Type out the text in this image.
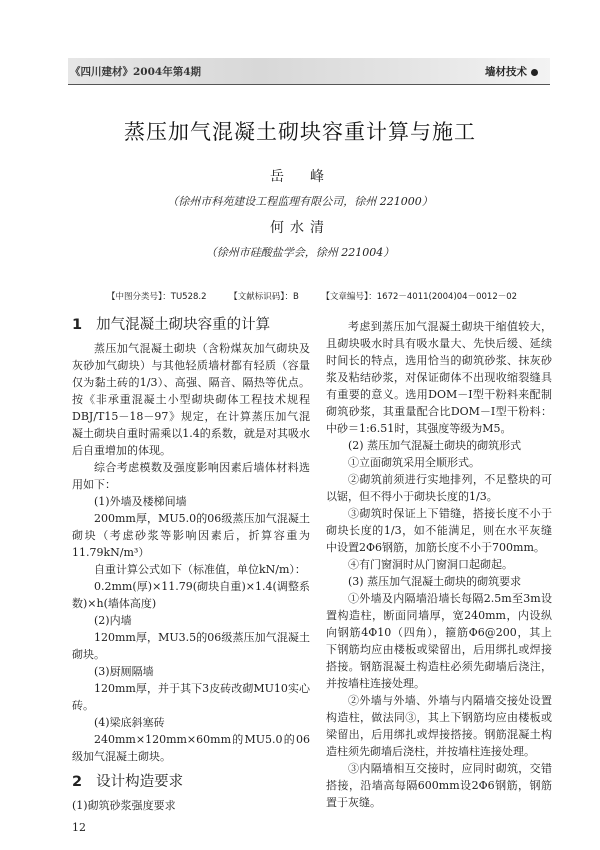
《四川建材》2004年第4期	墙材技术
蒸压加气混凝土砌块容重计算与施工
岳　峰
（徐州市科苑建设工程监理有限公司，徐州 221000）
何水清
（徐州市硅酸盐学会，徐州 221004）
【中图分类号】：TU528.2	【文献标识码】：B	【文章编号】：1672－4011(2004)04－0012－02
1 加气混凝土砌块容重的计算

蒸压加气混凝土砌块（含粉煤灰加气砌块及灰砂加气砌块）与其他轻质墙材都有轻质（容量仅为黏土砖的1/3）、高强、隔音、隔热等优点。按《非承重混凝土小型砌块砌体工程技术规程 DBJ/T15－18－97》规定，在计算蒸压加气混凝土砌块自重时需乘以1.4的系数，就是对其吸水后自重增加的体现。

综合考虑模数及强度影响因素后墙体材料选用如下：

(1)外墙及楼梯间墙

200mm厚，MU5.0的06级蒸压加气混凝土砌块（考虑砂浆等影响因素后，折算容重为11.79kN/m³）

自重计算公式如下（标准值，单位kN/m）：

0.2mm(厚)×11.79(砌块自重)×1.4(调整系数)×h(墙体高度)

(2)内墙

120mm厚，MU3.5的06级蒸压加气混凝土砌块。

(3)厨厕隔墙

120mm厚，并于其下3皮砖改砌MU10实心砖。

(4)梁底斜塞砖

240mm×120mm×60mm的MU5.0的06级加气混凝土砌块。

2 设计构造要求

(1)砌筑砂浆强度要求

12

考虑到蒸压加气混凝土砌块干缩值较大，且砌块吸水时具有吸水量大、先快后缓、延续时间长的特点，选用恰当的砌筑砂浆、抹灰砂浆及粘结砂浆，对保证砌体不出现收缩裂缝具有重要的意义。选用DOM－I型干粉料来配制砌筑砂浆，其重量配合比DOM－I型干粉料：中砂＝1:6.51时，其强度等级为M5。

(2) 蒸压加气混凝土砌块的砌筑形式

①立面砌筑采用全顺形式。

②砌筑前须进行实地排列，不足整块的可以锯，但不得小于砌块长度的1/3。

③砌筑时保证上下错缝，搭接长度不小于砌块长度的1/3，如不能满足，则在水平灰缝中设置2Φ6钢筋，加筋长度不小于700mm。

④有门窗洞时从门窗洞口起砌起。

(3) 蒸压加气混凝土砌块的砌筑要求

①外墙及内隔墙沿墙长每隔2.5m至3m设置构造柱，断面同墙厚，宽240mm，内设纵向钢筋4Φ10（四角），箍筋Φ6@200，其上下钢筋均应由楼板或梁留出，后用绑扎或焊接搭接。钢筋混凝土构造柱必须先砌墙后浇注，并按墙柱连接处理。

②外墙与外墙、外墙与内隔墙交接处设置构造柱，做法同③，其上下钢筋均应由楼板或梁留出，后用绑扎或焊接搭接。钢筋混凝土构造柱须先砌墙后浇柱，并按墙柱连接处理。

③内隔墙相互交接时，应同时砌筑，交错搭接，沿墙高每隔600mm设2Φ6钢筋，钢筋置于灰缝。
